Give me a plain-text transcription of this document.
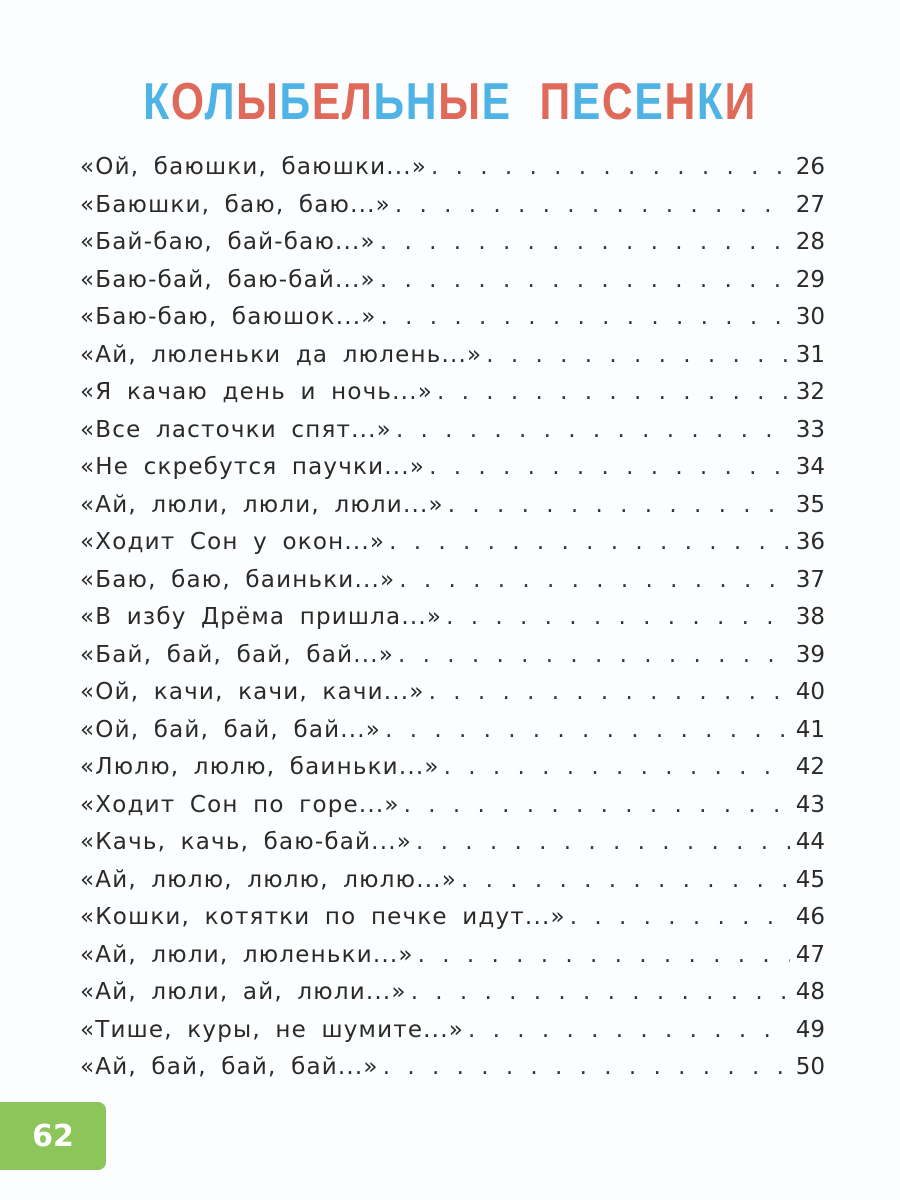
КОЛЫБЕЛЬНЫЕ ПЕСЕНКИ
«Ой, баюшки, баюшки...» . . .	26
«Баюшки, баю, баю...» . . .	27
«Бай-баю, бай-баю...» . . .	28
«Баю-бай, баю-бай...» . . .	29
«Баю-баю, баюшок...» . . .	30
«Ай, люленьки да люлень...» . . .	31
«Я качаю день и ночь...» . . .	32
«Все ласточки спят...» . . .	33
«Не скребутся паучки...» . . .	34
«Ай, люли, люли, люли...» . . .	35
«Ходит Сон у окон...» . . .	36
«Баю, баю, баиньки...» . . .	37
«В избу Дрёма пришла...» . . .	38
«Бай, бай, бай, бай...» . . .	39
«Ой, качи, качи, качи...» . . .	40
«Ой, бай, бай, бай...» . . .	41
«Люлю, люлю, баиньки...» . . .	42
«Ходит Сон по горе...» . . .	43
«Качь, качь, баю-бай...» . . .	44
«Ай, люлю, люлю, люлю...» . . .	45
«Кошки, котятки по печке идут...» . . .	46
«Ай, люли, люленьки...» . . .	47
«Ай, люли, ай, люли...» . . .	48
«Тише, куры, не шумите...» . . .	49
«Ай, бай, бай, бай...» . . .	50
62
